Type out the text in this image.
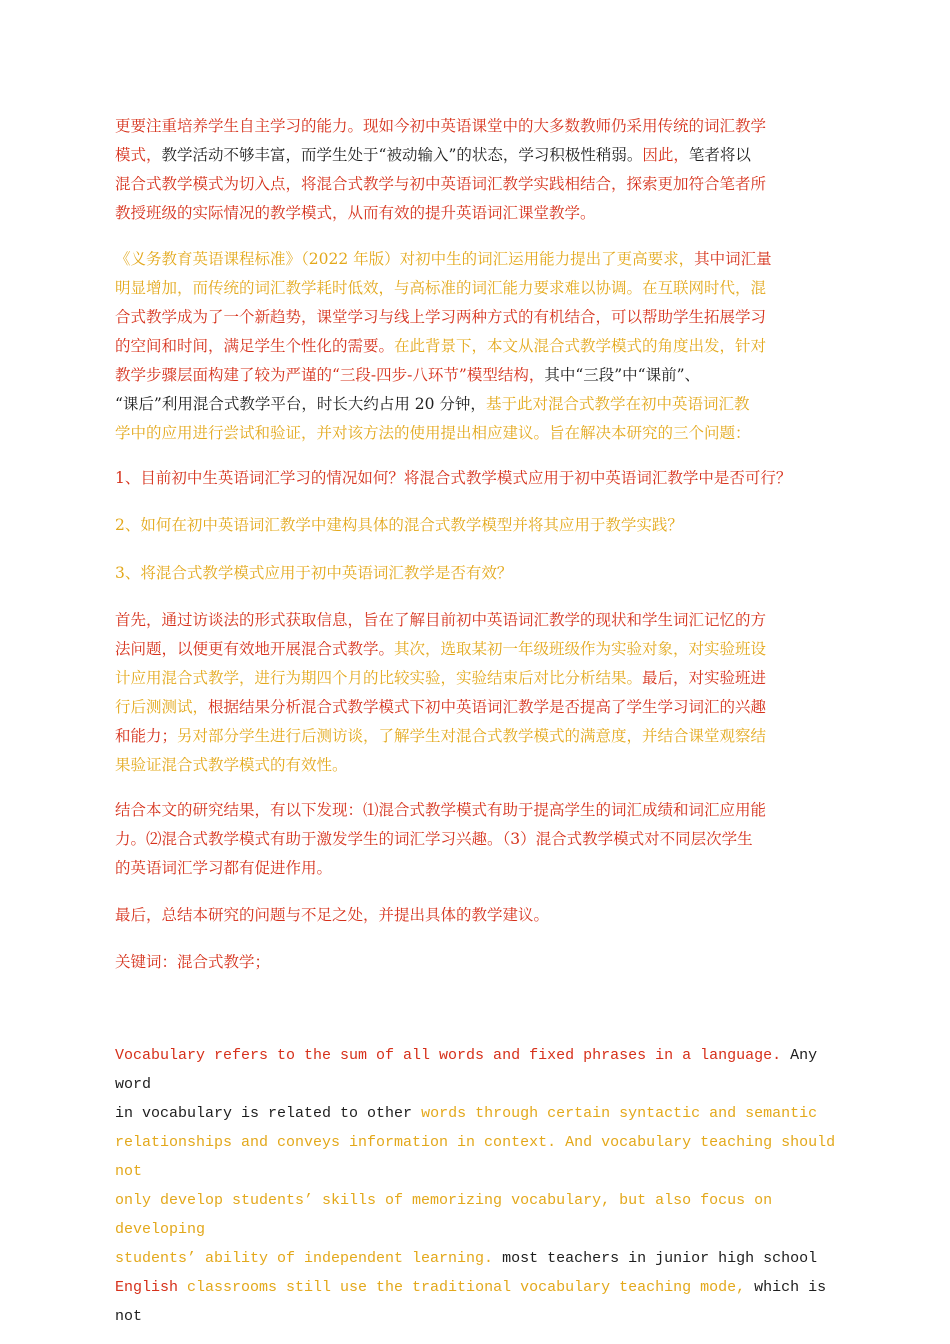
更要注重培养学生自主学习的能力。现如今初中英语课堂中的大多数教师仍采用传统的词汇教学
模式，教学活动不够丰富，而学生处于“被动输入”的状态，学习积极性稍弱。因此，笔者将以
混合式教学模式为切入点，将混合式教学与初中英语词汇教学实践相结合，探索更加符合笔者所
教授班级的实际情况的教学模式，从而有效的提升英语词汇课堂教学。
《义务教育英语课程标准》（2022 年版）对初中生的词汇运用能力提出了更高要求，其中词汇量
明显增加，而传统的词汇教学耗时低效，与高标准的词汇能力要求难以协调。在互联网时代，混
合式教学成为了一个新趋势，课堂学习与线上学习两种方式的有机结合，可以帮助学生拓展学习
的空间和时间，满足学生个性化的需要。在此背景下，本文从混合式教学模式的角度出发，针对
教学步骤层面构建了较为严谨的“三段-四步-八环节”模型结构，其中“三段”中“课前”、
“课后”利用混合式教学平台，时长大约占用 20 分钟，基于此对混合式教学在初中英语词汇教
学中的应用进行尝试和验证，并对该方法的使用提出相应建议。旨在解决本研究的三个问题：
1、目前初中生英语词汇学习的情况如何？将混合式教学模式应用于初中英语词汇教学中是否可行？
2、如何在初中英语词汇教学中建构具体的混合式教学模型并将其应用于教学实践？
3、将混合式教学模式应用于初中英语词汇教学是否有效？
首先，通过访谈法的形式获取信息，旨在了解目前初中英语词汇教学的现状和学生词汇记忆的方
法问题，以便更有效地开展混合式教学。其次，选取某初一年级班级作为实验对象，对实验班设
计应用混合式教学，进行为期四个月的比较实验，实验结束后对比分析结果。最后，对实验班进
行后测测试，根据结果分析混合式教学模式下初中英语词汇教学是否提高了学生学习词汇的兴趣
和能力；另对部分学生进行后测访谈，了解学生对混合式教学模式的满意度，并结合课堂观察结
果验证混合式教学模式的有效性。
结合本文的研究结果，有以下发现：⑴混合式教学模式有助于提高学生的词汇成绩和词汇应用能
力。⑵混合式教学模式有助于激发学生的词汇学习兴趣。（3）混合式教学模式对不同层次学生
的英语词汇学习都有促进作用。
最后，总结本研究的问题与不足之处，并提出具体的教学建议。
关键词：混合式教学；
Vocabulary refers to the sum of all words and fixed phrases in a language. Any word
in vocabulary is related to other words through certain syntactic and semantic
relationships and conveys information in context. And vocabulary teaching should not
only develop students’ skills of memorizing vocabulary, but also focus on developing
students’ ability of independent learning. most teachers in junior high school
English classrooms still use the traditional vocabulary teaching mode, which is not
